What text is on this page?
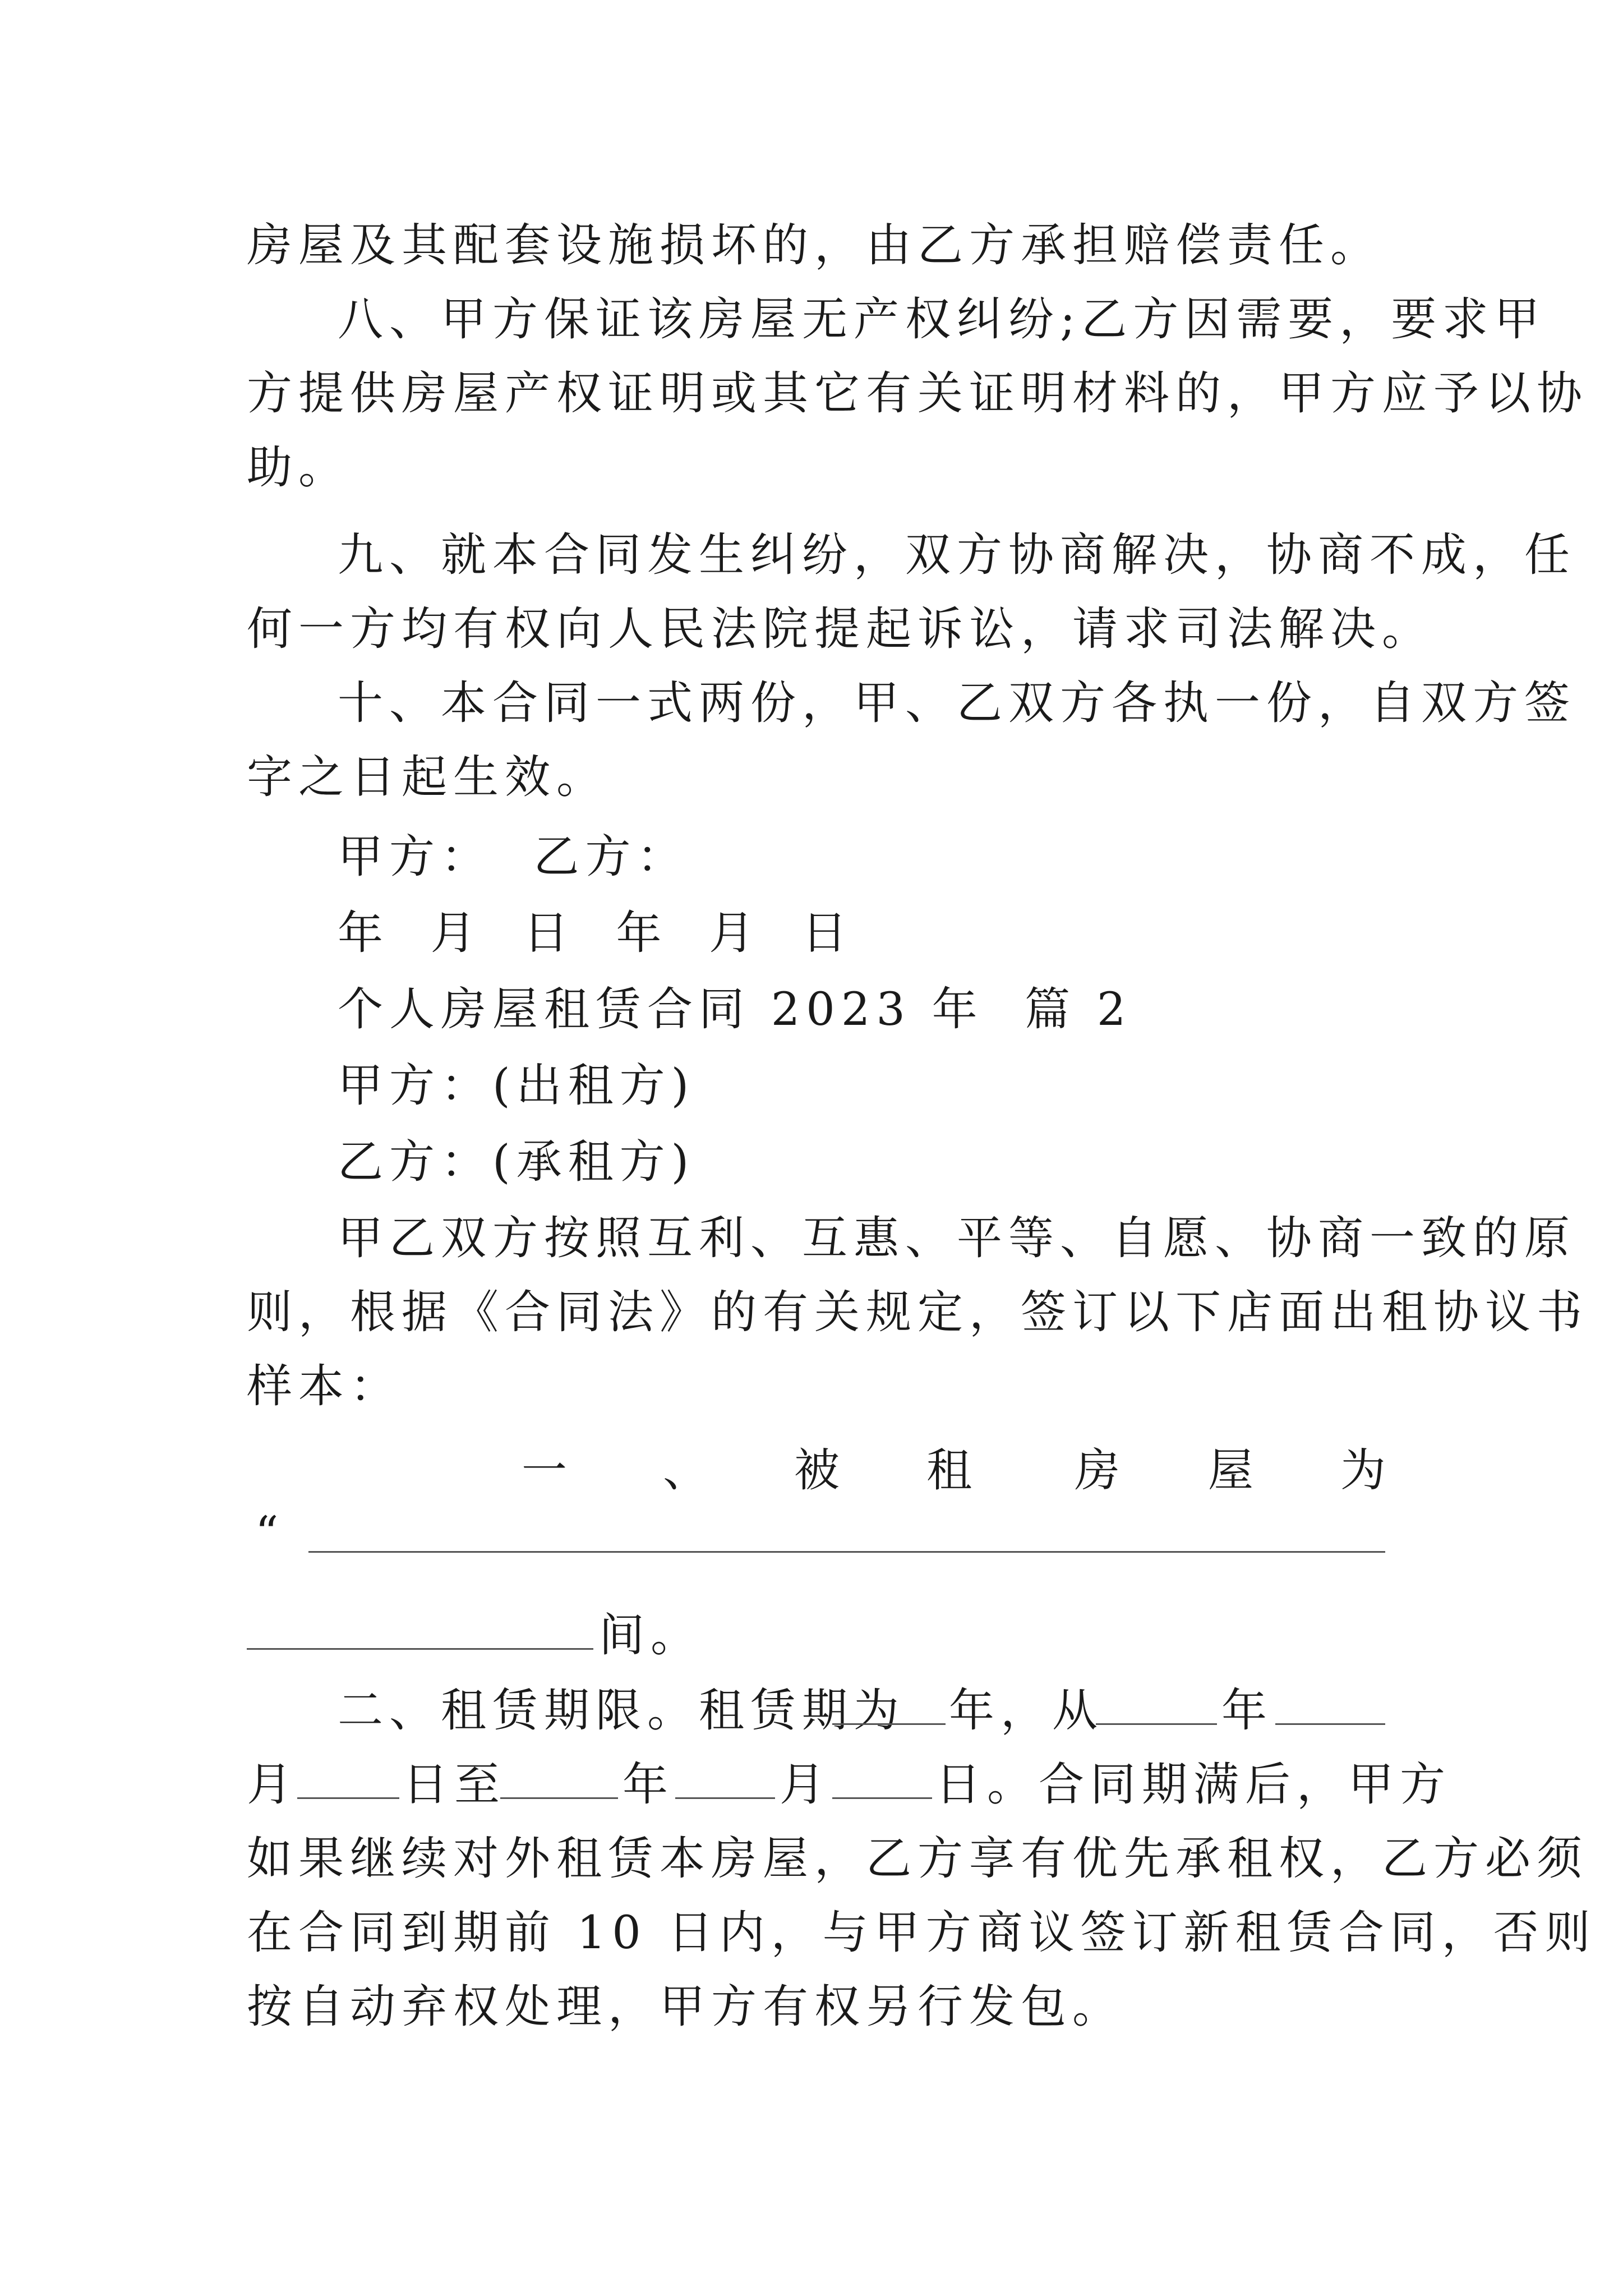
房屋及其配套设施损坏的，由乙方承担赔偿责任。
八、甲方保证该房屋无产权纠纷;乙方因需要，要求甲
方提供房屋产权证明或其它有关证明材料的，甲方应予以协
助。
九、就本合同发生纠纷，双方协商解决，协商不成，任
何一方均有权向人民法院提起诉讼，请求司法解决。
十、本合同一式两份，甲、乙双方各执一份，自双方签
字之日起生效。
甲方：  乙方：
年  月  日  年  月  日
个人房屋租赁合同 2023 年  篇 2
甲方：(出租方)
乙方：(承租方)
甲乙双方按照互利、互惠、平等、自愿、协商一致的原
则，根据《合同法》的有关规定，签订以下店面出租协议书
样本：
一 、 被 租 房 屋 为
“
间。
二、租赁期限。租赁期为 年，从	年
月 日至	年 月 日。合同期满后，甲方
如果继续对外租赁本房屋，乙方享有优先承租权，乙方必须
在合同到期前 10 日内，与甲方商议签订新租赁合同，否则
按自动弃权处理，甲方有权另行发包。
